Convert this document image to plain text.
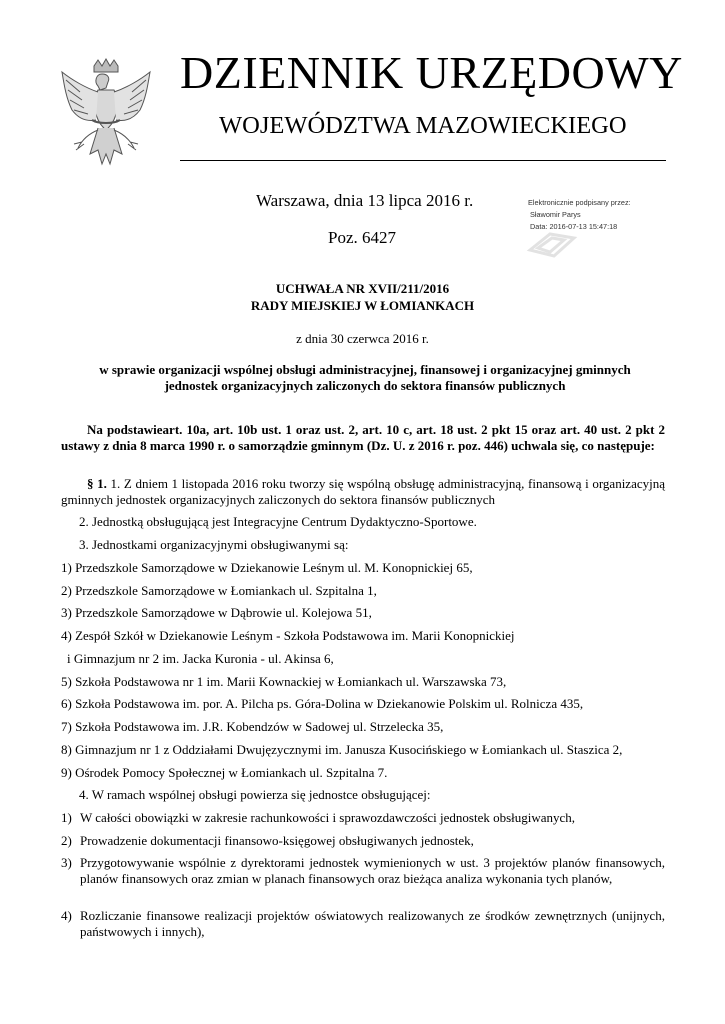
DZIENNIK URZĘDOWY
WOJEWÓDZTWA MAZOWIECKIEGO
Warszawa, dnia 13 lipca 2016 r.
Poz. 6427
Elektronicznie podpisany przez:
Sławomir Parys
Data: 2016-07-13 15:47:18
UCHWAŁA NR XVII/211/2016
RADY MIEJSKIEJ W ŁOMIANKACH
z dnia 30 czerwca 2016 r.
w sprawie organizacji wspólnej obsługi administracyjnej, finansowej i organizacyjnej gminnych jednostek organizacyjnych zaliczonych do sektora finansów publicznych
Na podstawieart. 10a, art. 10b ust. 1 oraz ust. 2, art. 10 c, art. 18 ust. 2 pkt 15 oraz art. 40 ust. 2 pkt 2 ustawy z dnia 8 marca 1990 r. o samorządzie gminnym (Dz. U. z 2016 r. poz. 446) uchwala się, co następuje:
§ 1. 1. Z dniem 1 listopada 2016 roku tworzy się wspólną obsługę administracyjną, finansową i organizacyjną gminnych jednostek organizacyjnych zaliczonych do sektora finansów publicznych
2. Jednostką obsługującą jest Integracyjne Centrum Dydaktyczno-Sportowe.
3. Jednostkami organizacyjnymi obsługiwanymi są:
1) Przedszkole Samorządowe w Dziekanowie Leśnym ul. M. Konopnickiej 65,
2) Przedszkole Samorządowe w Łomiankach ul. Szpitalna 1,
3) Przedszkole Samorządowe w Dąbrowie ul. Kolejowa 51,
4) Zespół Szkół w Dziekanowie Leśnym - Szkoła Podstawowa im. Marii Konopnickiej
i Gimnazjum nr 2 im. Jacka Kuronia - ul. Akinsa 6,
5) Szkoła Podstawowa nr 1 im. Marii Kownackiej w Łomiankach ul. Warszawska 73,
6) Szkoła Podstawowa im. por. A. Pilcha ps. Góra-Dolina w Dziekanowie Polskim ul. Rolnicza 435,
7) Szkoła Podstawowa im. J.R. Kobendzów w Sadowej ul. Strzelecka 35,
8) Gimnazjum nr 1 z Oddziałami Dwujęzycznymi im. Janusza Kusocińskiego w Łomiankach ul. Staszica 2,
9) Ośrodek Pomocy Społecznej w Łomiankach ul. Szpitalna 7.
4. W ramach wspólnej obsługi powierza się jednostce obsługującej:
1) W całości obowiązki w zakresie rachunkowości i sprawozdawczości jednostek obsługiwanych,
2) Prowadzenie dokumentacji finansowo-księgowej obsługiwanych jednostek,
3) Przygotowywanie wspólnie z dyrektorami jednostek wymienionych w ust. 3 projektów planów finansowych, planów finansowych oraz zmian w planach finansowych oraz bieżąca analiza wykonania tych planów,
4) Rozliczanie finansowe realizacji projektów oświatowych realizowanych ze środków zewnętrznych (unijnych, państwowych i innych),
